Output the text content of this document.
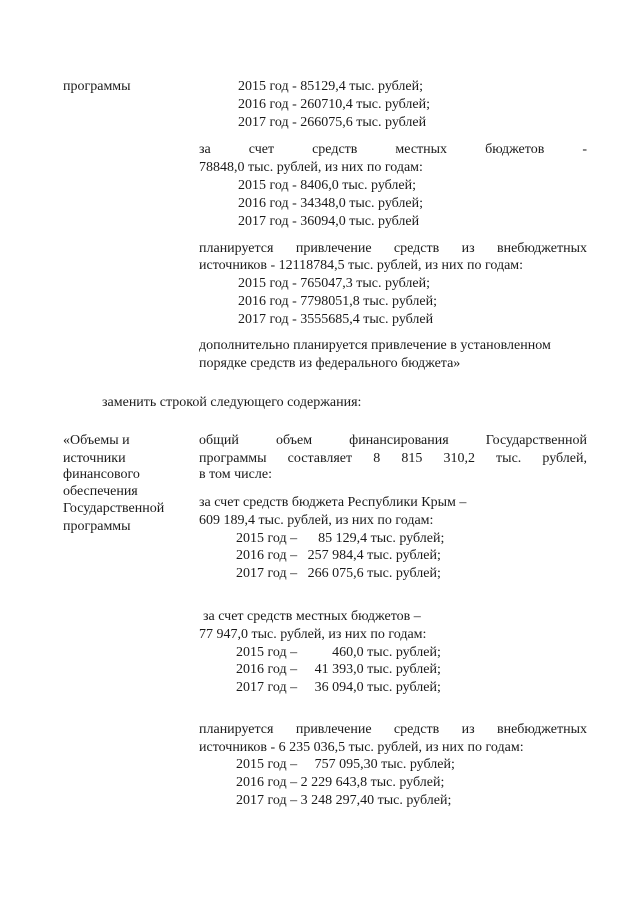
программы	2015 год - 85129,4 тыс. рублей;
2016 год - 260710,4 тыс. рублей;
2017 год - 266075,6 тыс. рублей
за счет средств местных бюджетов -
78848,0 тыс. рублей, из них по годам:
2015 год - 8406,0 тыс. рублей;
2016 год - 34348,0 тыс. рублей;
2017 год - 36094,0 тыс. рублей
планируется привлечение средств из внебюджетных
источников - 12118784,5 тыс. рублей, из них по годам:
2015 год - 765047,3 тыс. рублей;
2016 год - 7798051,8 тыс. рублей;
2017 год - 3555685,4 тыс. рублей
дополнительно планируется привлечение в установленном
порядке средств из федерального бюджета»
заменить строкой следующего содержания:
«Объемы и
источники
финансового
обеспечения
Государственной
программы
общий объем финансирования Государственной
программы составляет 8 815 310,2 тыс. рублей,
в том числе:
за счет средств бюджета Республики Крым –
609 189,4 тыс. рублей, из них по годам:
2015 год –      85 129,4 тыс. рублей;
2016 год –   257 984,4 тыс. рублей;
2017 год –   266 075,6 тыс. рублей;
за счет средств местных бюджетов –
77 947,0 тыс. рублей, из них по годам:
2015 год –          460,0 тыс. рублей;
2016 год –     41 393,0 тыс. рублей;
2017 год –     36 094,0 тыс. рублей;
планируется привлечение средств из внебюджетных
источников - 6 235 036,5 тыс. рублей, из них по годам:
2015 год –     757 095,30 тыс. рублей;
2016 год – 2 229 643,8 тыс. рублей;
2017 год – 3 248 297,40 тыс. рублей;
